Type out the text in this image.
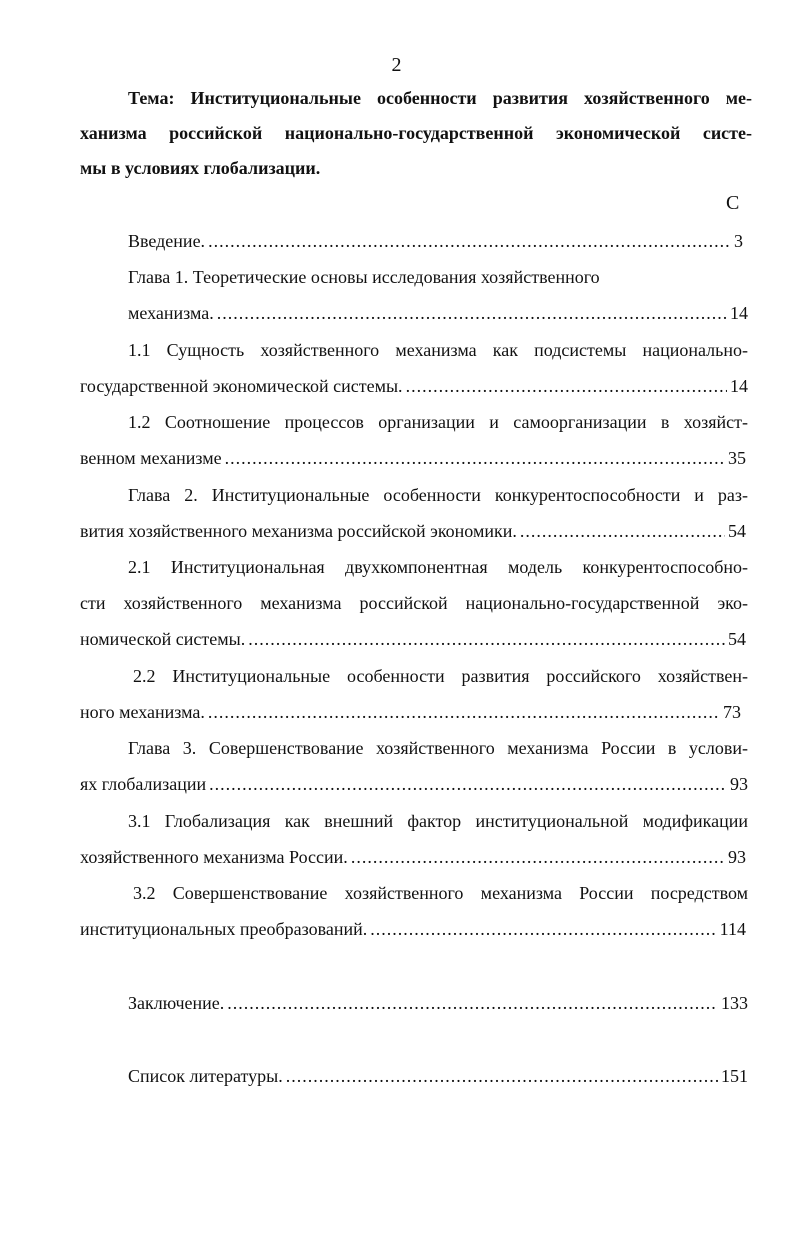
2
Тема: Институциональные особенности развития хозяйственного ме-
ханизма российской национально-государственной экономической систе-
мы в условиях глобализации.
С
Введение. .....	3
Глава 1. Теоретические основы исследования хозяйственного
механизма. .....	14
1.1 Сущность хозяйственного механизма как подсистемы национально-
государственной экономической системы. .....	14
1.2 Соотношение процессов организации и самоорганизации в хозяйст-
венном механизме .....	35
Глава 2. Институциональные особенности конкурентоспособности и раз-
вития хозяйственного механизма российской экономики. .....	54
2.1 Институциональная двухкомпонентная модель конкурентоспособно-
сти хозяйственного механизма российской национально-государственной эко-
номической системы. .....	54
2.2 Институциональные особенности развития российского хозяйствен-
ного механизма. .....	73
Глава 3. Совершенствование хозяйственного механизма России в услови-
ях глобализации .....	93
3.1 Глобализация как внешний фактор институциональной модификации
хозяйственного механизма России. .....	93
3.2 Совершенствование хозяйственного механизма России посредством
институциональных преобразований. .....	114
Заключение. .....	133
Список литературы. .....	151
